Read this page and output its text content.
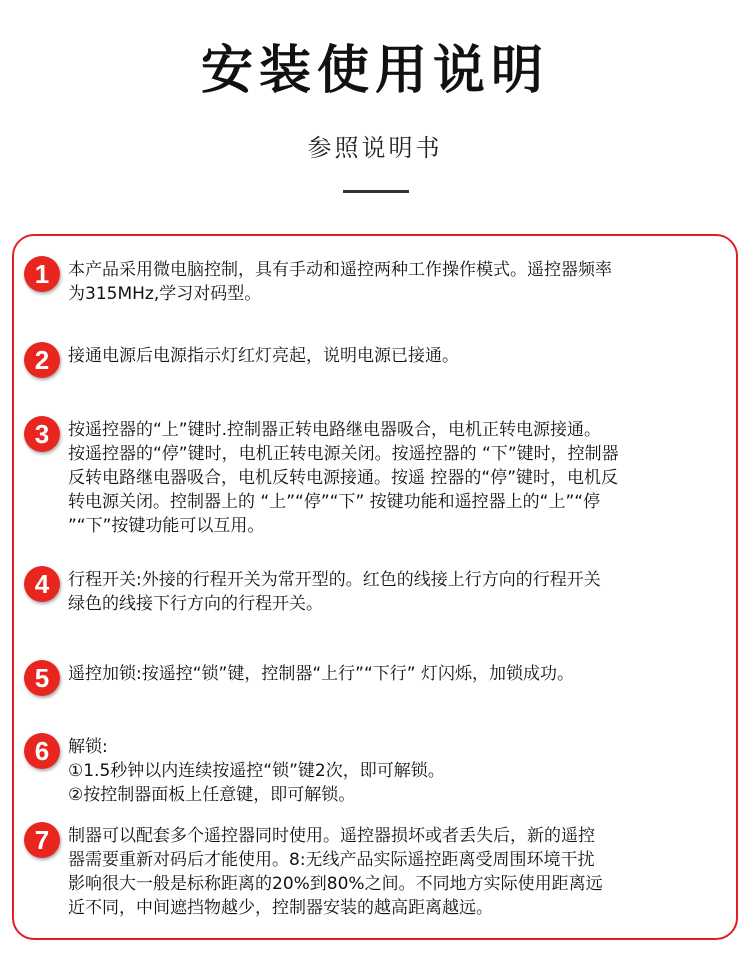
安装使用说明
参照说明书
1	本产品采用微电脑控制，具有手动和遥控两种工作操作模式。遥控器频率
为315MHz,学习对码型。
2	接通电源后电源指示灯红灯亮起，说明电源已接通。
3	按遥控器的“上”键时.控制器正转电路继电器吸合，电机正转电源接通。
按遥控器的“停”键时，电机正转电源关闭。按遥控器的 “下”键时，控制器
反转电路继电器吸合，电机反转电源接通。按遥 控器的“停”键时，电机反
转电源关闭。控制器上的 “上”“停”“下” 按键功能和遥控器上的“上”“停
”“下”按键功能可以互用。
4	行程开关:外接的行程开关为常开型的。红色的线接上行方向的行程开关
绿色的线接下行方向的行程开关。
5	遥控加锁:按遥控“锁”键，控制器“上行”“下行” 灯闪烁，加锁成功。
6	解锁:
①1.5秒钟以内连续按遥控“锁”键2次，即可解锁。
②按控制器面板上任意键，即可解锁。
7	制器可以配套多个遥控器同时使用。遥控器损坏或者丢失后，新的遥控
器需要重新对码后才能使用。8:无线产品实际遥控距离受周围环境干扰
影响很大一般是标称距离的20%到80%之间。不同地方实际使用距离远
近不同，中间遮挡物越少，控制器安装的越高距离越远。
